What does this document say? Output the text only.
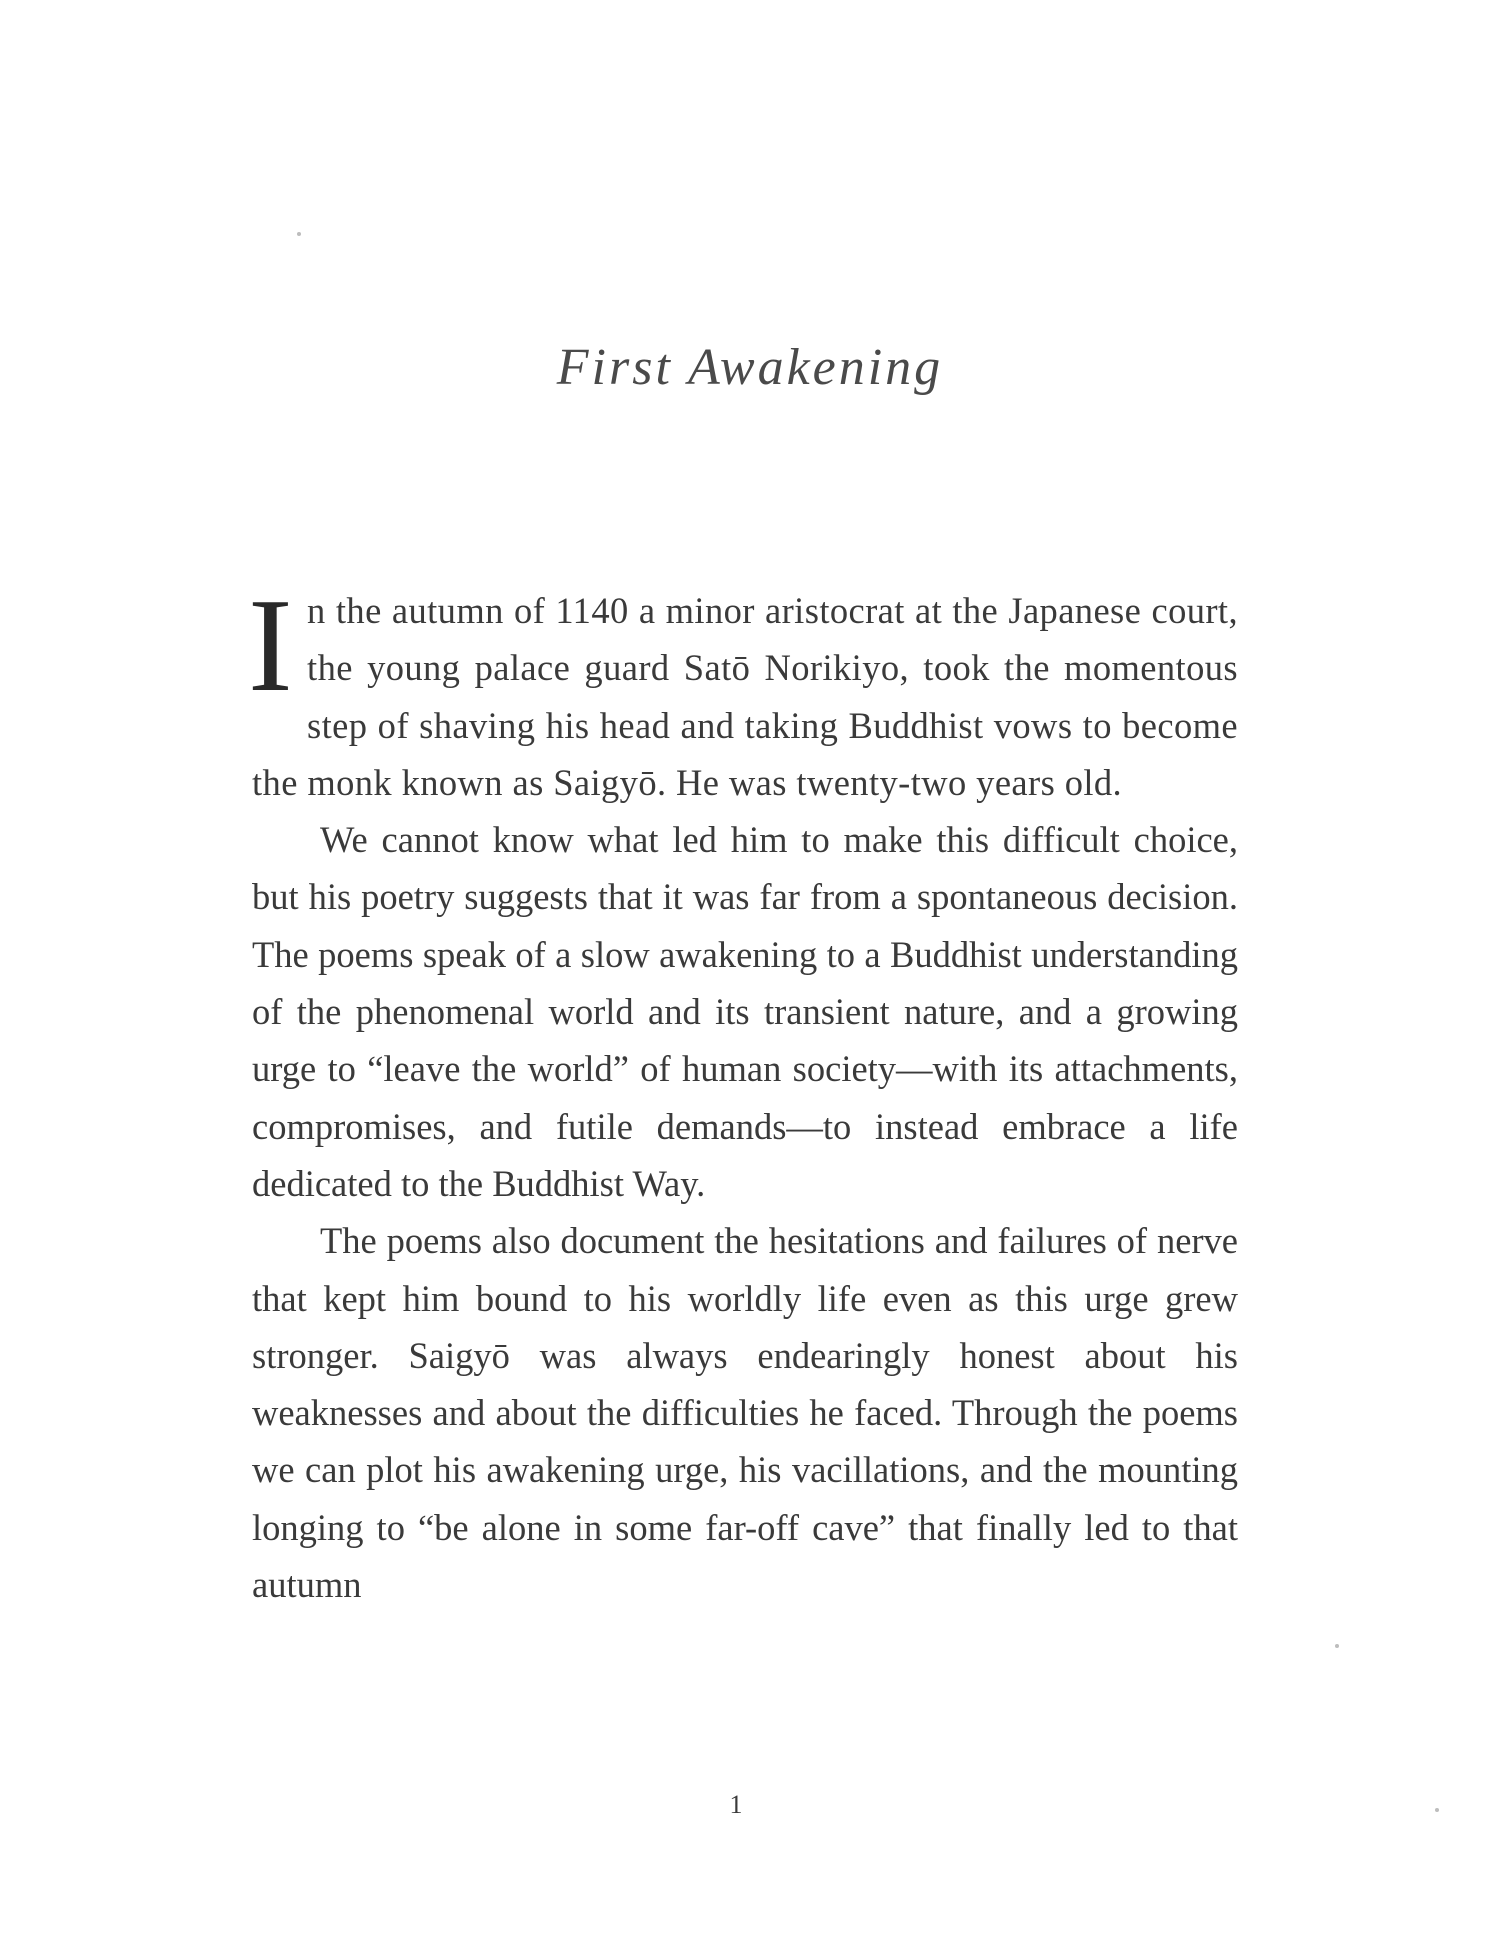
First Awakening

In the autumn of 1140 a minor aristocrat at the Japanese court, the young palace guard Satō Norikiyo, took the momentous step of shaving his head and taking Buddhist vows to become the monk known as Saigyō. He was twenty-two years old.

We cannot know what led him to make this difficult choice, but his poetry suggests that it was far from a spontaneous decision. The poems speak of a slow awakening to a Buddhist understanding of the phenomenal world and its transient nature, and a growing urge to “leave the world” of human society—with its attachments, compromises, and futile demands—to instead embrace a life dedicated to the Buddhist Way.

The poems also document the hesitations and failures of nerve that kept him bound to his worldly life even as this urge grew stronger. Saigyō was always endearingly honest about his weaknesses and about the difficulties he faced. Through the poems we can plot his awakening urge, his vacillations, and the mounting longing to “be alone in some far-off cave” that finally led to that autumn

1
